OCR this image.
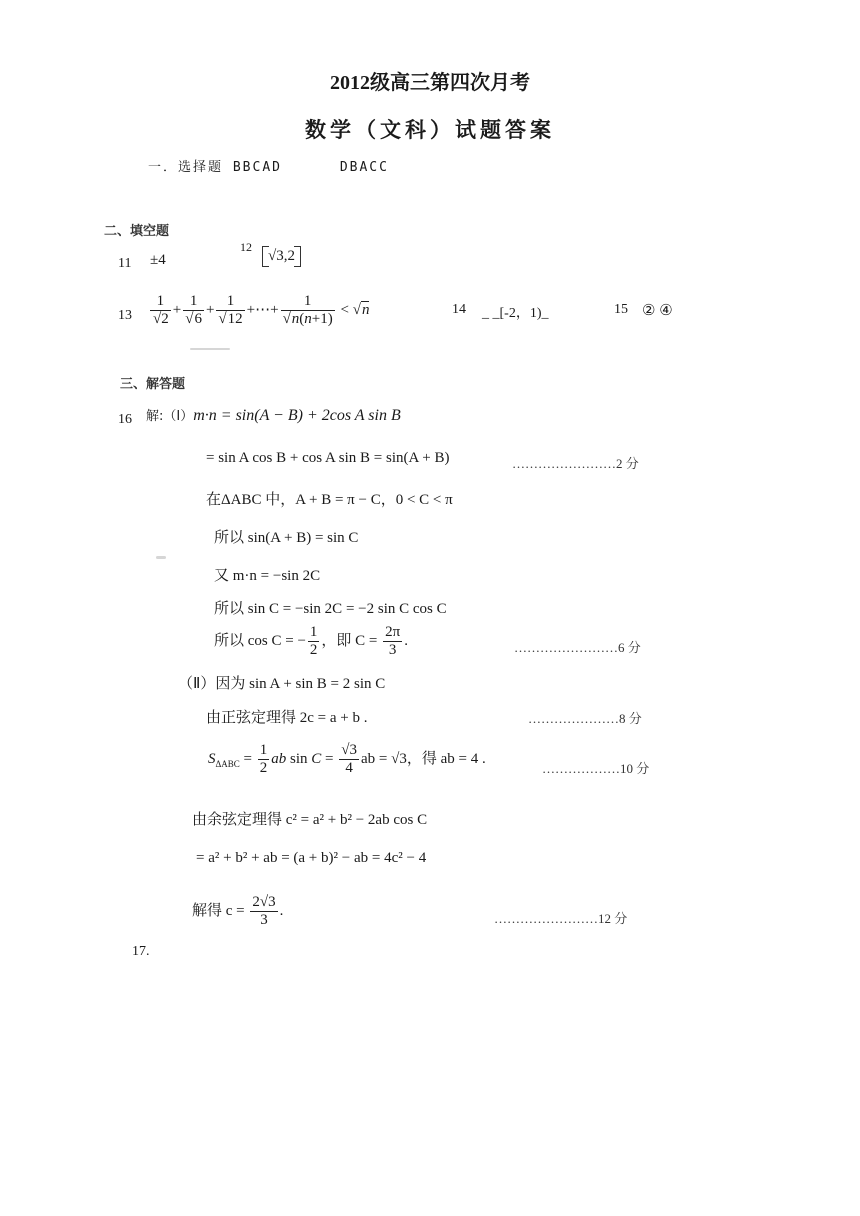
2012级高三第四次月考
数学（文科）试题答案
一．选择题 BBCAD	DBACC
二、填空题
11 ±4
12
√3,2
$13 \frac{1}{√2} + \frac{1}{√6} + \frac{1}{√12}$ +⋯+ $\frac{1}{√n(n+1)} < √n$	14 _ _[-2，1)_	15 ② ④
三、解答题
16 解:（Ⅰ）m·n = sin(A − B) + 2cos A sin B
= sin A cos B + cos A sin B = sin(A + B)	……………………2 分
在ΔABC 中，A + B = π − C，0 < C < π
所以 sin(A + B) = sin C
又 m·n = −sin 2C
所以 sin C = −sin 2C = −2 sin C cos C
所以 cos C = − $\frac{1}{2}$ ，即 $C = \frac{2\pi}{3}$ .	……………………6 分
（Ⅱ）因为 sin A + sin B = 2 sin C
由正弦定理得 2c = a + b .	…………………8 分
$S_{\Delta ABC} = \frac{1}{2}$ ab $\sin C = \frac{√3}{4}$ ab = √3，得 ab = 4 .
………………10 分
由余弦定理得 c² = a² + b² − 2ab cos C
= a² + b² + ab = (a + b)² − ab = 4c² − 4
解得 $c = \frac{2√3}{3}$ .	……………………12 分
17.
